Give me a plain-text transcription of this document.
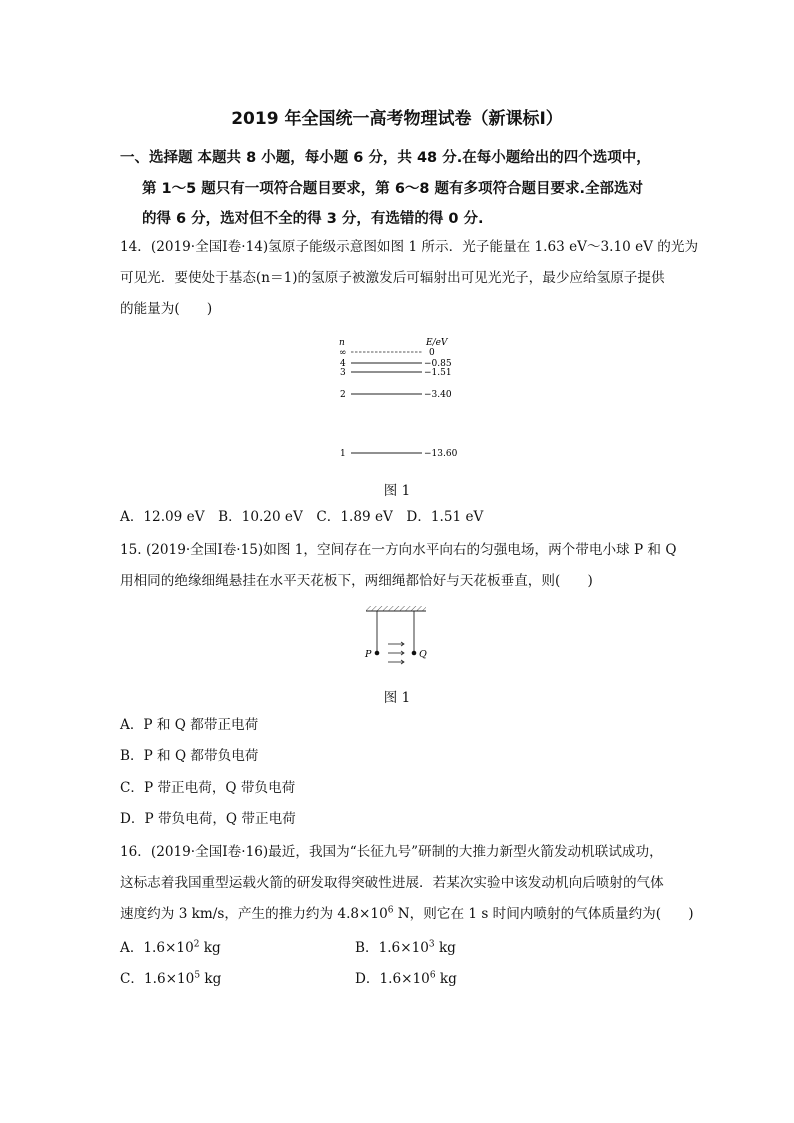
2019 年全国统一高考物理试卷（新课标Ⅰ）
一、选择题 本题共 8 小题，每小题 6 分，共 48 分.在每小题给出的四个选项中，
第 1～5 题只有一项符合题目要求，第 6～8 题有多项符合题目要求.全部选对
的得 6 分，选对但不全的得 3 分，有选错的得 0 分.
14．(2019·全国Ⅰ卷·14)氢原子能级示意图如图 1 所示．光子能量在 1.63 eV～3.10 eV 的光为
可见光．要使处于基态(n＝1)的氢原子被激发后可辐射出可见光光子，最少应给氢原子提供
的能量为(　　)
n	E/eV
∞	0
4	−0.85
3	−1.51
2	−3.40
1	−13.60
图 1
A．12.09 eV　B．10.20 eV　C．1.89 eV　D．1.51 eV
15. (2019·全国Ⅰ卷·15)如图 1，空间存在一方向水平向右的匀强电场，两个带电小球 P 和 Q
用相同的绝缘细绳悬挂在水平天花板下，两细绳都恰好与天花板垂直，则(　　)
P	Q
图 1
A．P 和 Q 都带正电荷
B．P 和 Q 都带负电荷
C．P 带正电荷，Q 带负电荷
D．P 带负电荷，Q 带正电荷
16．(2019·全国Ⅰ卷·16)最近，我国为“长征九号”研制的大推力新型火箭发动机联试成功，
这标志着我国重型运载火箭的研发取得突破性进展．若某次实验中该发动机向后喷射的气体
速度约为 3 km/s，产生的推力约为 $4.8\times 10^6$ N，则它在 1 s 时间内喷射的气体质量约为(　　)
A．$1.6\times 10^2$ kg	B．$1.6\times 10^3$ kg
C．$1.6\times 10^5$ kg	D．$1.6\times 10^6$ kg
